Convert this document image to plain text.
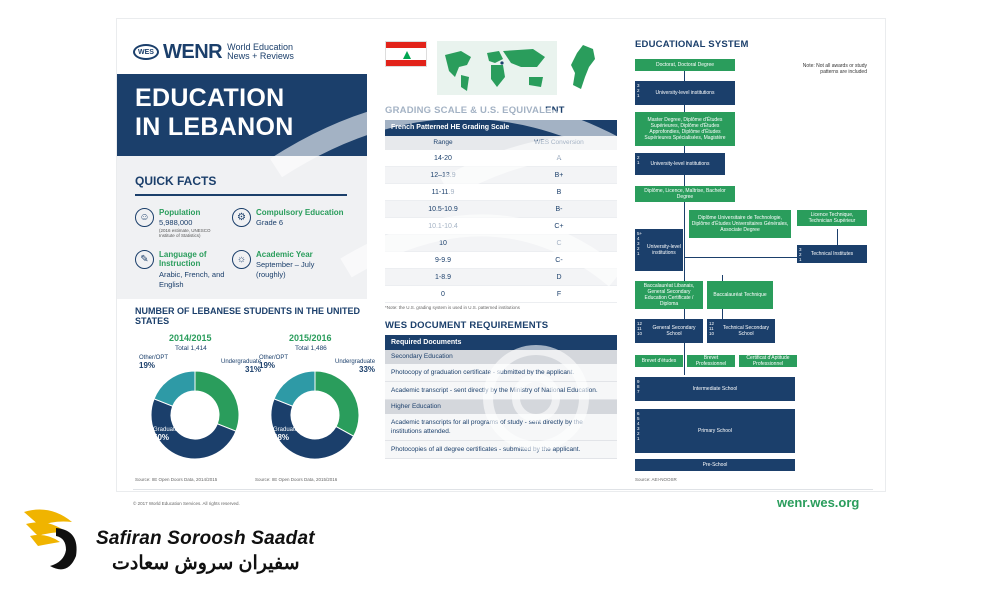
WES WENR World Education News + Reviews
EDUCATION
IN LEBANON
QUICK FACTS
☺	Population
5,988,000
(2016 estimate, UNESCO Institute of Statistics)
⚙	Compulsory Education
Grade 6
✎	Language of Instruction
Arabic, French, and English
☼	Academic Year
September – July (roughly)
NUMBER OF LEBANESE STUDENTS IN THE UNITED STATES
2014/2015
Total 1,414
Other/OPT
19%	Undergraduate
31%
Graduate
50%
Source: IIE Open Doors Data, 2014/2015
2015/2016
Total 1,486
Other/OPT
19%	Undergraduate
33%
Graduate
48%
Source: IIE Open Doors Data, 2015/2016
GRADING SCALE & U.S. EQUIVALENT
French Patterned HE Grading Scale
Range	WES Conversion
14-20	A
12–13.9	B+
11-11.9	B
10.5-10.9	B-
10.1-10.4	C+
10	C
9-9.9	C-
1-8.9	D
0	F
*Note: the U.S. grading system is used in U.S. patterned institutions
WES DOCUMENT REQUIREMENTS
Required Documents
Secondary Education
Photocopy of graduation certificate - submitted by the applicant.
Academic transcript - sent directly by the Ministry of National Education.
Higher Education
Academic transcripts for all programs of study - sent directly by the institutions attended.
Photocopies of all degree certificates - submitted by the applicant.
EDUCATIONAL SYSTEM
Note: Not all awards or study patterns are included
Doctorat, Doctoral Degree
3
2
1	University-level institutions
Master Degree, Diplôme d'Études Supérieures, Diplôme d'Études Approfondies, Diplôme d'Études Supérieures Spécialisées, Magistère
2
1 University-level institutions
Diplôme, Licence, Maîtrise, Bachelor Degree
Diplôme Universitaire de Technologie, Diplôme d'Études Universitaires Générales, Associate Degree
Licence Technique, Technician Supérieur
5+
4
3
2
1
University-level institutions
3
2
1
Technical Institutes
Baccalauréat Libanais, General Secondary Education Certificate / Diploma
Baccalauréat Technique
12
11
10
General Secondary School
12
11
10
Technical Secondary School
Brevet d'études	Brevet Professionnel
Certificat d'Aptitude Professionnel
9
8
7	Intermediate School
6
5
4
3
2
1
Primary School
Pre-School
Source: AEI-NOOSR
© 2017 World Education Services. All rights reserved.	wenr.wes.org
Safiran Soroosh Saadat
سفیران سروش سعادت
